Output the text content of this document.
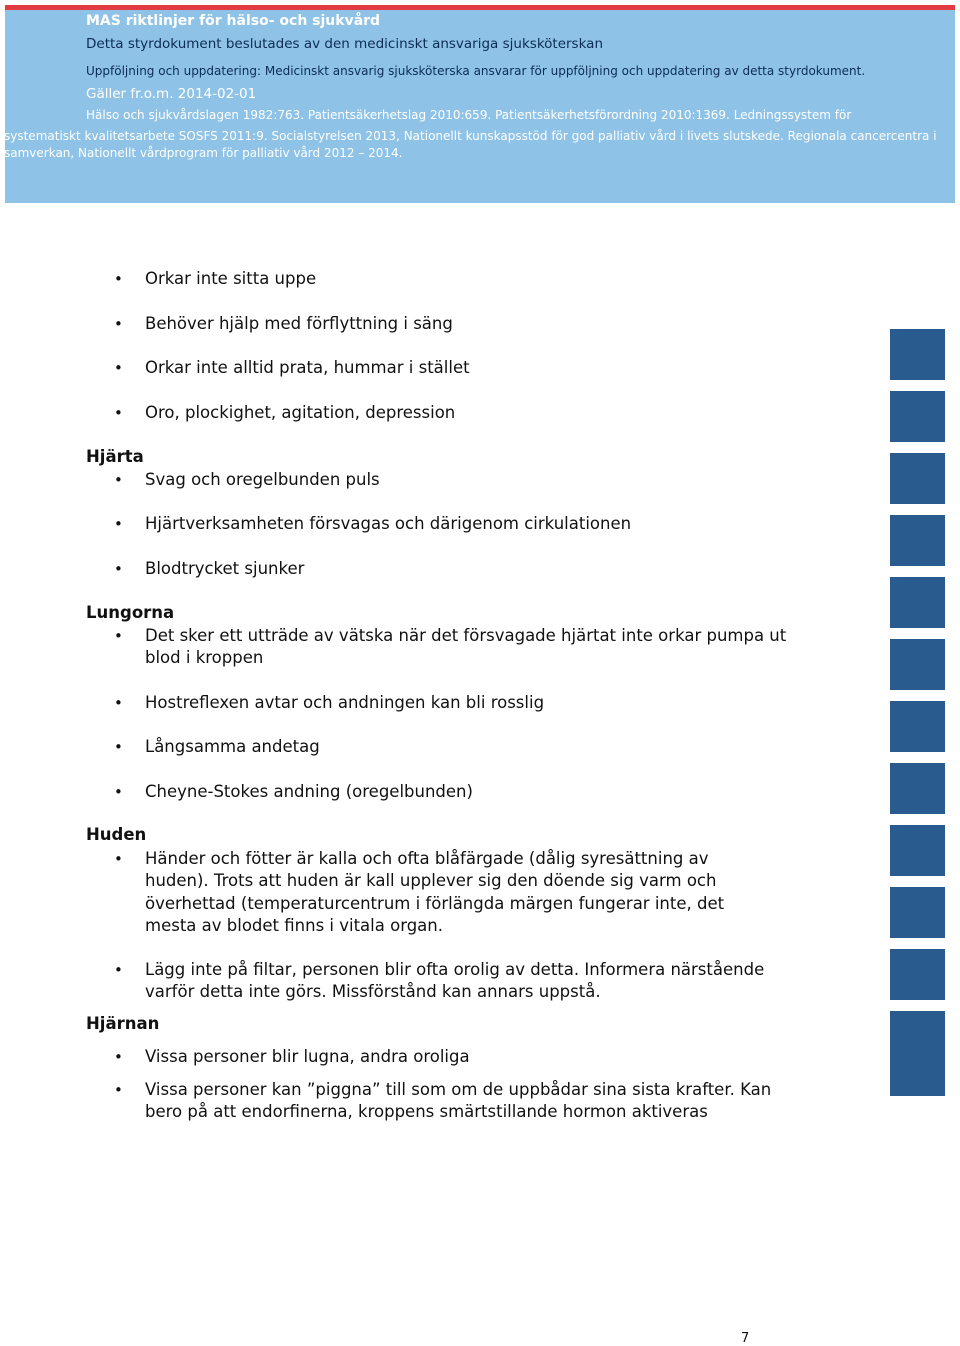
MAS riktlinjer för hälso- och sjukvård
Detta styrdokument beslutades av den medicinskt ansvariga sjuksköterskan
Uppföljning och uppdatering: Medicinskt ansvarig sjuksköterska ansvarar för uppföljning och uppdatering av detta styrdokument.
Gäller fr.o.m. 2014-02-01
Hälso och sjukvårdslagen 1982:763. Patientsäkerhetslag 2010:659. Patientsäkerhetsförordning 2010:1369. Ledningssystem för
systematiskt kvalitetsarbete SOSFS 2011:9. Socialstyrelsen 2013, Nationellt kunskapsstöd för god palliativ vård i livets slutskede. Regionala cancercentra i
samverkan, Nationellt vårdprogram för palliativ vård 2012 – 2014.
• Orkar inte sitta uppe
• Behöver hjälp med förflyttning i säng
• Orkar inte alltid prata, hummar i stället
• Oro, plockighet, agitation, depression
Hjärta
• Svag och oregelbunden puls
• Hjärtverksamheten försvagas och därigenom cirkulationen
• Blodtrycket sjunker
Lungorna
• Det sker ett utträde av vätska när det försvagade hjärtat inte orkar pumpa ut blod i kroppen
• Hostreflexen avtar och andningen kan bli rosslig
• Långsamma andetag
• Cheyne-Stokes andning (oregelbunden)
Huden
• Händer och fötter är kalla och ofta blåfärgade (dålig syresättning av huden). Trots att huden är kall upplever sig den döende sig varm och överhettad (temperaturcentrum i förlängda märgen fungerar inte, det mesta av blodet finns i vitala organ.
• Lägg inte på filtar, personen blir ofta orolig av detta. Informera närstående varför detta inte görs. Missförstånd kan annars uppstå.
Hjärnan
• Vissa personer blir lugna, andra oroliga
• Vissa personer kan ”piggna” till som om de uppbådar sina sista krafter. Kan bero på att endorfinerna, kroppens smärtstillande hormon aktiveras
7
